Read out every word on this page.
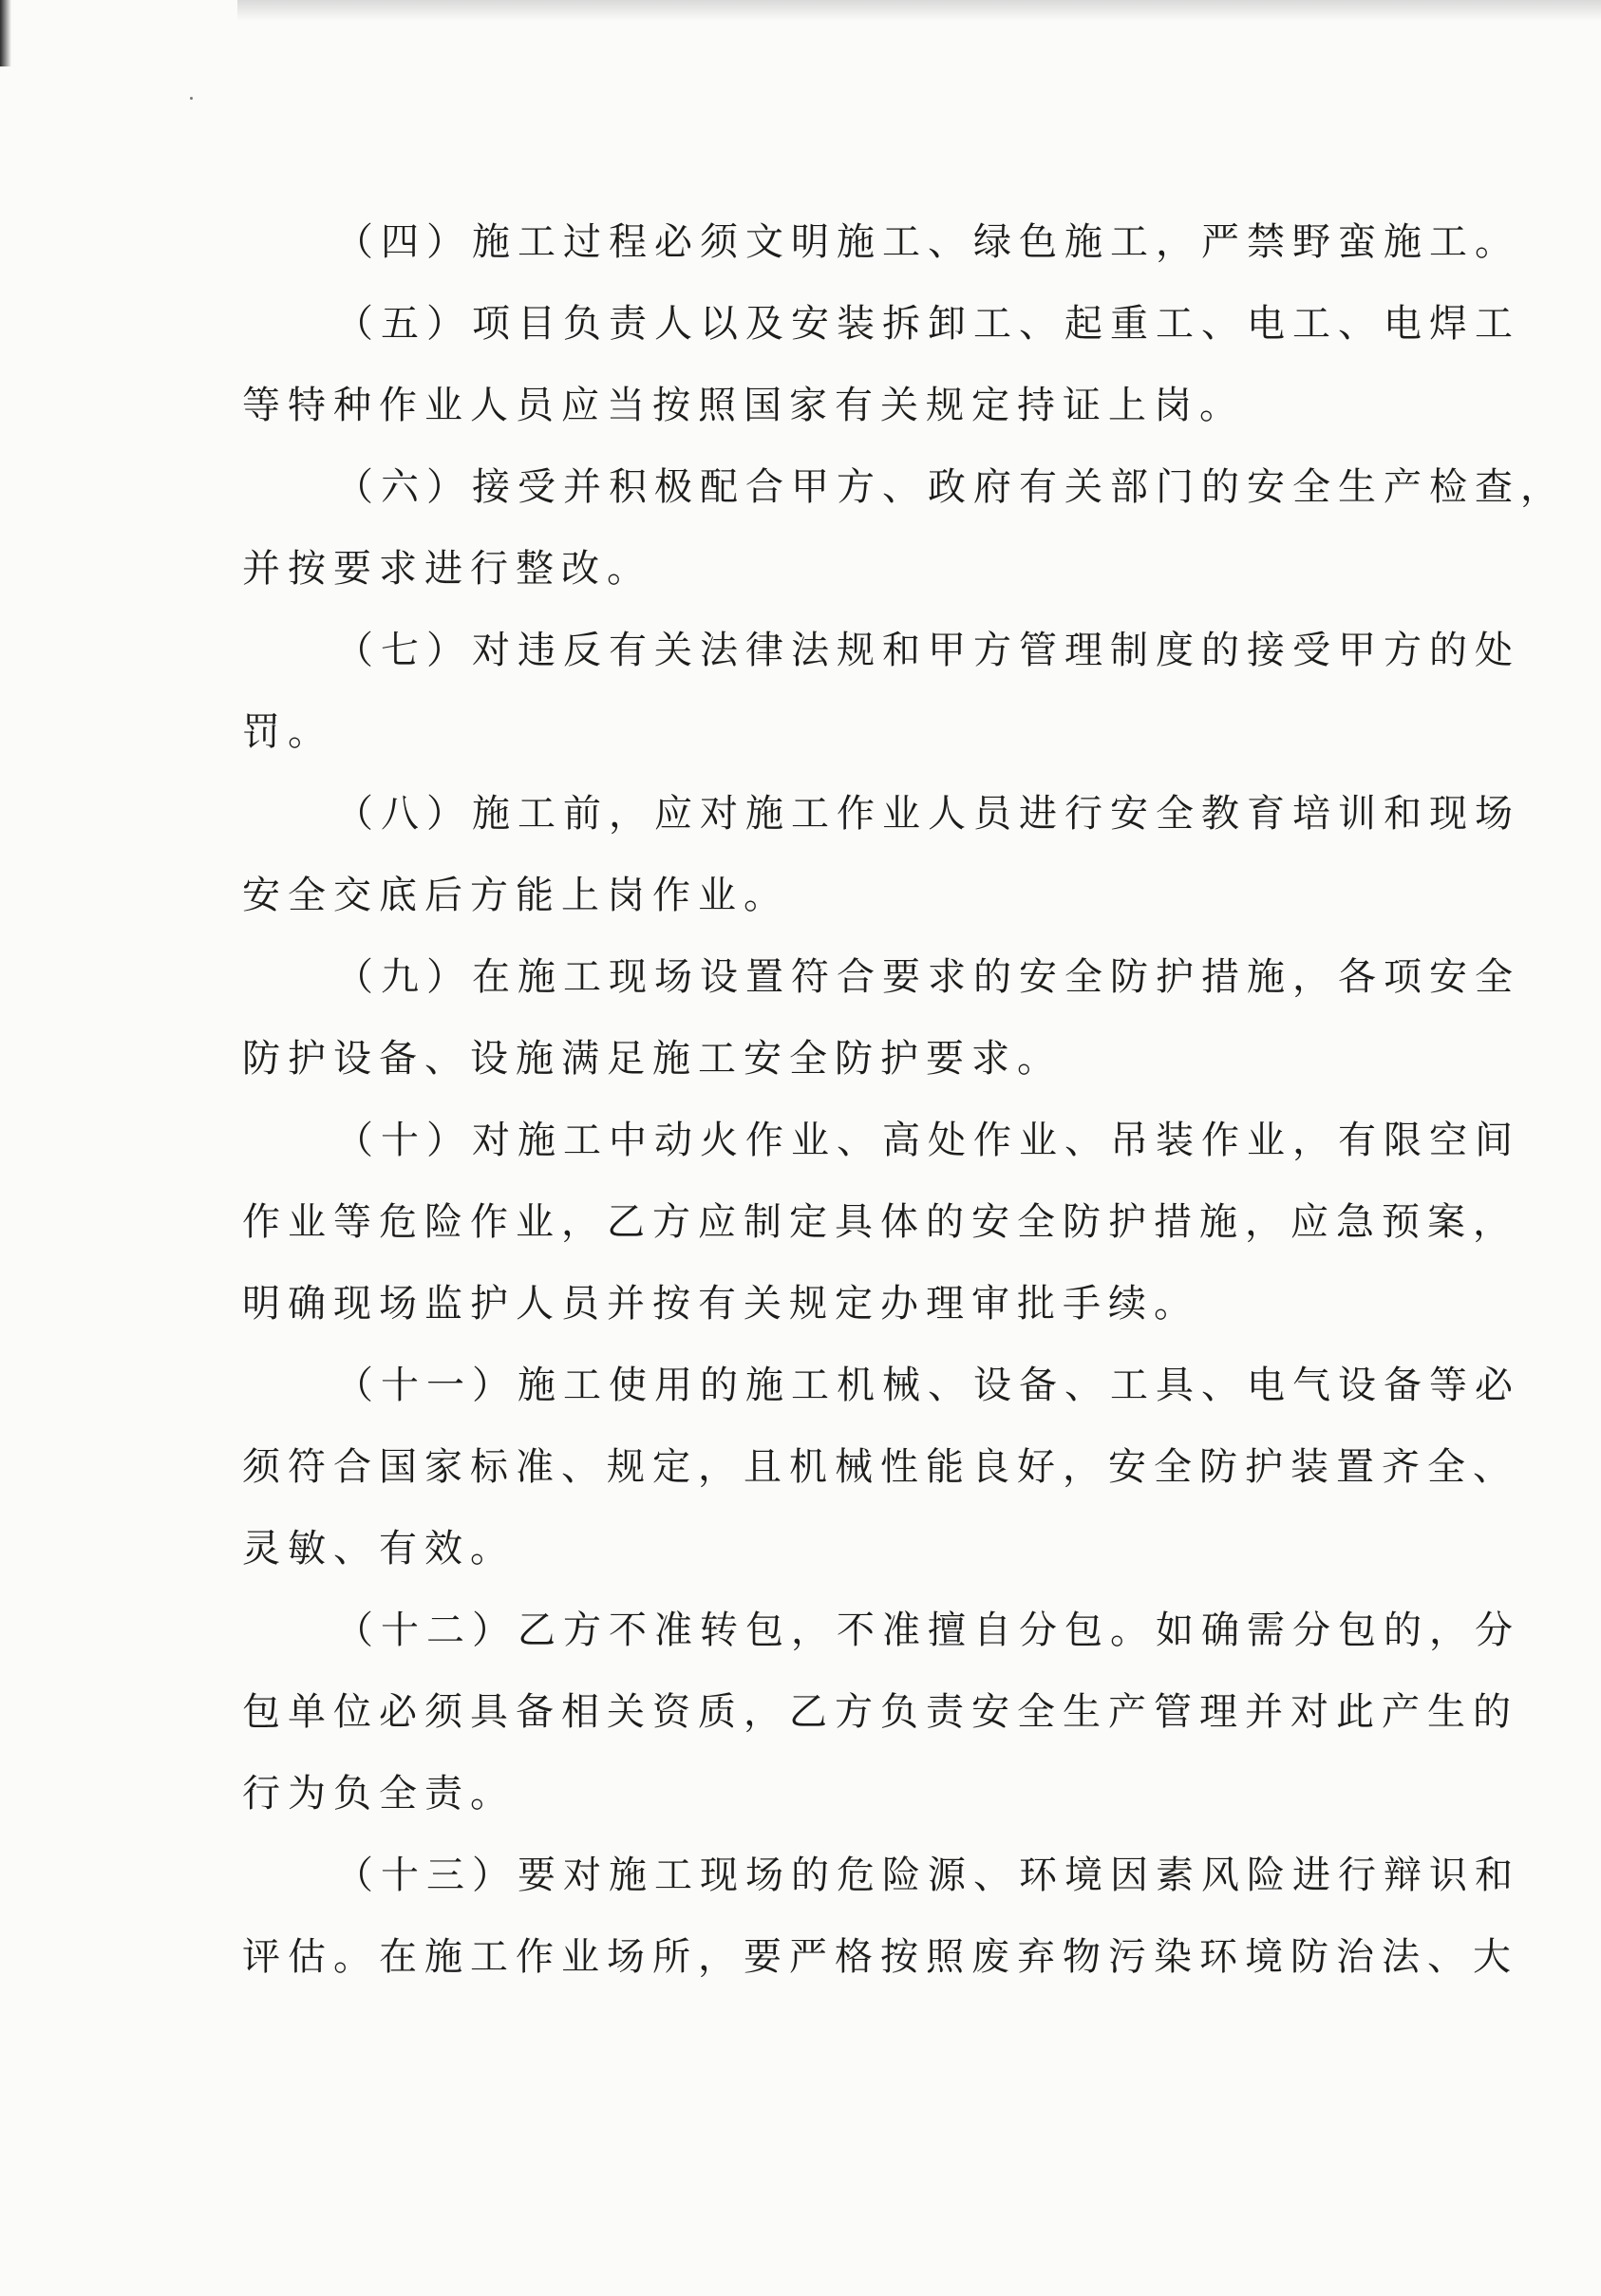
（四）施工过程必须文明施工、绿色施工，严禁野蛮施工。
（五）项目负责人以及安装拆卸工、起重工、电工、电焊工
等特种作业人员应当按照国家有关规定持证上岗。
（六）接受并积极配合甲方、政府有关部门的安全生产检查，
并按要求进行整改。
（七）对违反有关法律法规和甲方管理制度的接受甲方的处
罚。
（八）施工前，应对施工作业人员进行安全教育培训和现场
安全交底后方能上岗作业。
（九）在施工现场设置符合要求的安全防护措施，各项安全
防护设备、设施满足施工安全防护要求。
（十）对施工中动火作业、高处作业、吊装作业，有限空间
作业等危险作业，乙方应制定具体的安全防护措施，应急预案，
明确现场监护人员并按有关规定办理审批手续。
（十一）施工使用的施工机械、设备、工具、电气设备等必
须符合国家标准、规定，且机械性能良好，安全防护装置齐全、
灵敏、有效。
（十二）乙方不准转包，不准擅自分包。如确需分包的，分
包单位必须具备相关资质，乙方负责安全生产管理并对此产生的
行为负全责。
（十三）要对施工现场的危险源、环境因素风险进行辩识和
评估。在施工作业场所，要严格按照废弃物污染环境防治法、大
